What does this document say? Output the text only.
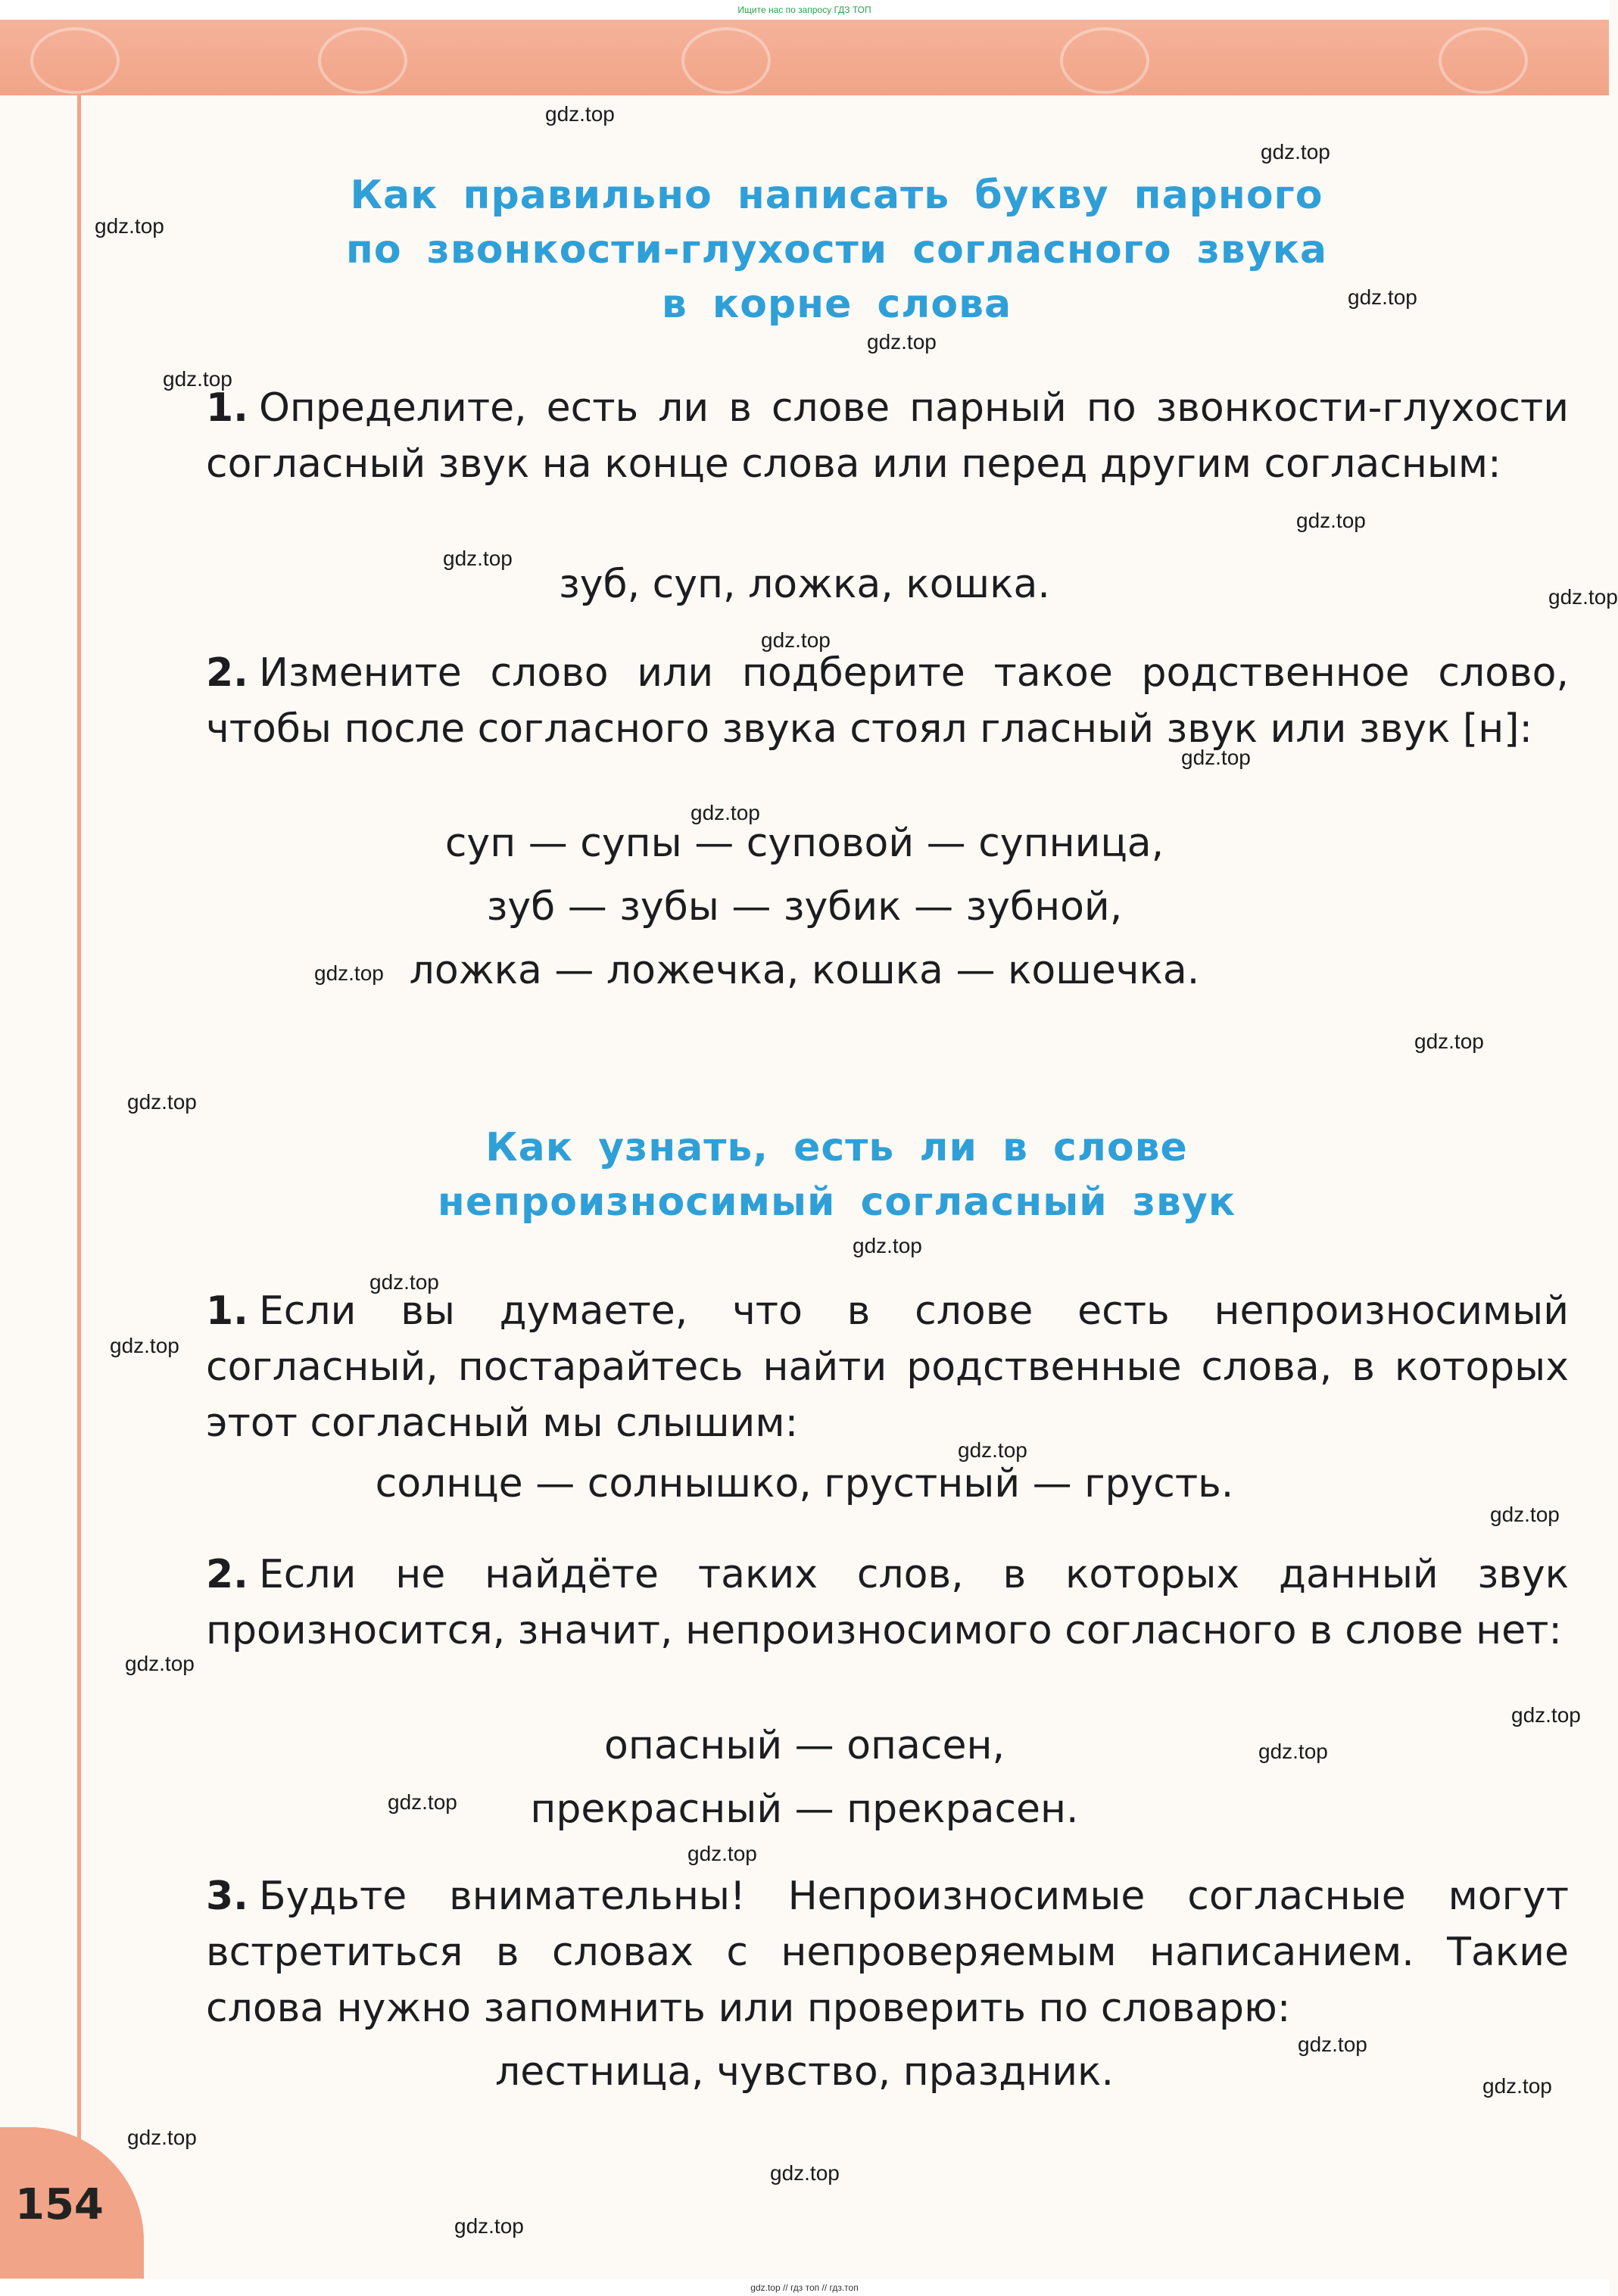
Ищите нас по запросу ГДЗ ТОП
Как правильно написать букву парного
по звонкости-глухости согласного звука
в корне слова
1. Определите, есть ли в слове парный по звонкости-глухости согласный звук на конце слова или перед другим согласным:
зуб, суп, ложка, кошка.
2. Измените слово или подберите такое родственное слово, чтобы после согласного звука стоял гласный звук или звук [н]:
суп — супы — суповой — супница,
зуб — зубы — зубик — зубной,
ложка — ложечка, кошка — кошечка.
Как узнать, есть ли в слове
непроизносимый согласный звук
1. Если вы думаете, что в слове есть непроизносимый согласный, постарайтесь найти родственные слова, в которых этот согласный мы слышим:
солнце — солнышко, грустный — грусть.
2. Если не найдёте таких слов, в которых данный звук произносится, значит, непроизносимого согласного в слове нет:
опасный — опасен,
прекрасный — прекрасен.
3. Будьте внимательны! Непроизносимые согласные могут встретиться в словах с непроверяемым написанием. Такие слова нужно запомнить или проверить по словарю:
лестница, чувство, праздник.
154
gdz.top
gdz.top
gdz.top
gdz.top
gdz.top
gdz.top
gdz.top
gdz.top
gdz.top
gdz.top
gdz.top
gdz.top
gdz.top
gdz.top
gdz.top
gdz.top
gdz.top
gdz.top
gdz.top
gdz.top
gdz.top
gdz.top
gdz.top
gdz.top
gdz.top
gdz.top
gdz.top
gdz.top
gdz.top
gdz.top
gdz.top // гдз топ // гдз.топ
